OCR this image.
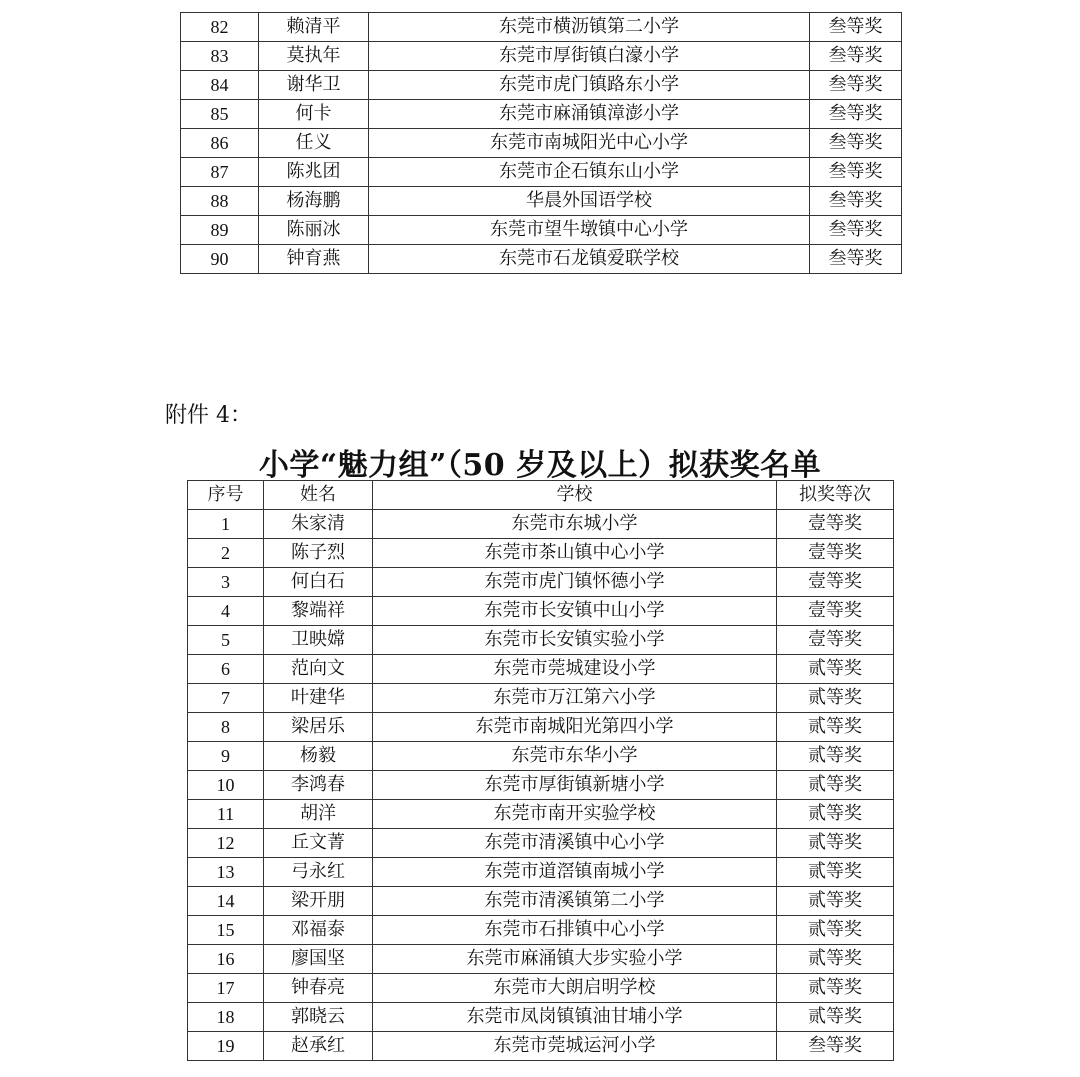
82	赖清平	东莞市横沥镇第二小学	叁等奖
83	莫执年	东莞市厚街镇白濠小学	叁等奖
84	谢华卫	东莞市虎门镇路东小学	叁等奖
85	何卡	东莞市麻涌镇漳澎小学	叁等奖
86	任义	东莞市南城阳光中心小学	叁等奖
87	陈兆团	东莞市企石镇东山小学	叁等奖
88	杨海鹏	华晨外国语学校	叁等奖
89	陈丽冰	东莞市望牛墩镇中心小学	叁等奖
90	钟育燕	东莞市石龙镇爱联学校	叁等奖
附件 4：
小学“魅力组”（50 岁及以上）拟获奖名单
序号	姓名	学校	拟奖等次
1	朱家清	东莞市东城小学	壹等奖
2	陈子烈	东莞市茶山镇中心小学	壹等奖
3	何白石	东莞市虎门镇怀德小学	壹等奖
4	黎端祥	东莞市长安镇中山小学	壹等奖
5	卫映嫦	东莞市长安镇实验小学	壹等奖
6	范向文	东莞市莞城建设小学	贰等奖
7	叶建华	东莞市万江第六小学	贰等奖
8	梁居乐	东莞市南城阳光第四小学	贰等奖
9	杨毅	东莞市东华小学	贰等奖
10	李鸿春	东莞市厚街镇新塘小学	贰等奖
11	胡洋	东莞市南开实验学校	贰等奖
12	丘文菁	东莞市清溪镇中心小学	贰等奖
13	弓永红	东莞市道滘镇南城小学	贰等奖
14	梁开朋	东莞市清溪镇第二小学	贰等奖
15	邓福泰	东莞市石排镇中心小学	贰等奖
16	廖国坚	东莞市麻涌镇大步实验小学	贰等奖
17	钟春亮	东莞市大朗启明学校	贰等奖
18	郭晓云	东莞市凤岗镇镇油甘埔小学	贰等奖
19	赵承红	东莞市莞城运河小学	叁等奖
